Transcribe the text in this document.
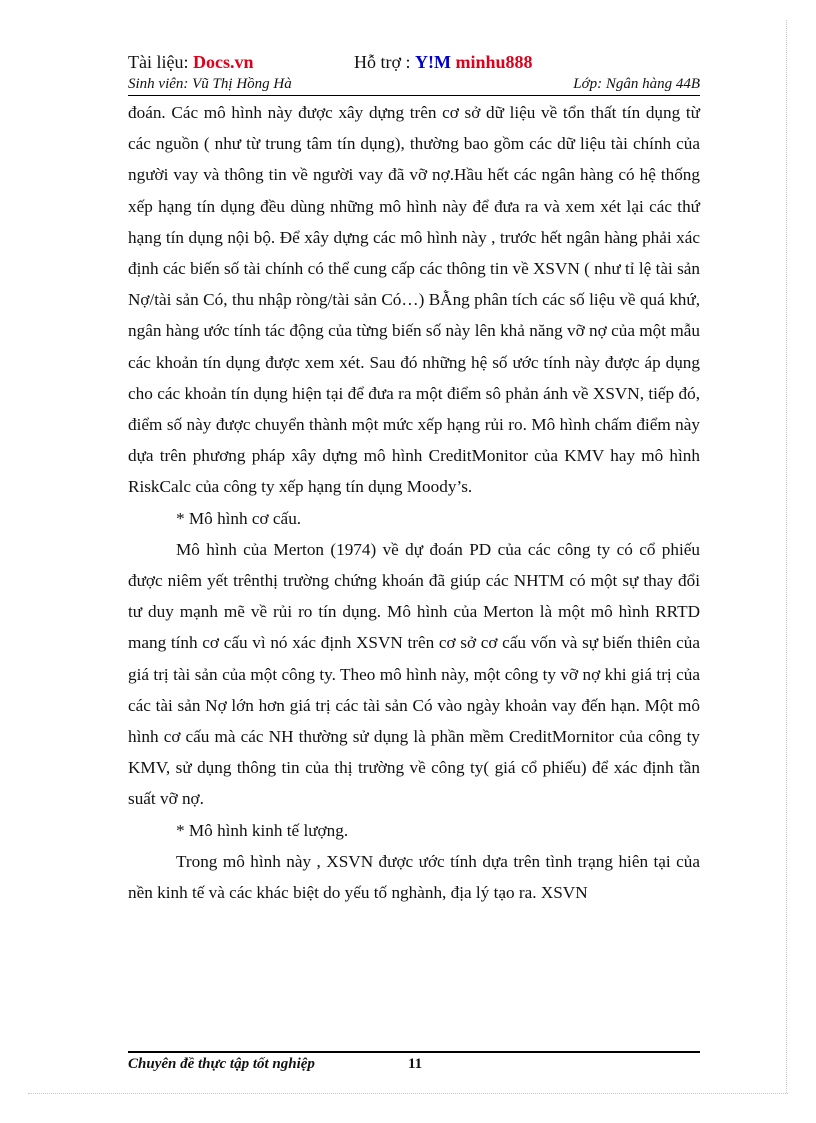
Tài liệu: Docs.vn	Hỗ trợ : Y!M minhu888
Sinh viên: Vũ Thị Hồng Hà	Lớp: Ngân hàng 44B

đoán. Các mô hình này được xây dựng trên cơ sở dữ liệu về tổn thất tín dụng từ các nguồn ( như từ trung tâm tín dụng), thường bao gồm các dữ liệu tài chính của người vay và thông tin về người vay đã vỡ nợ.Hầu hết các ngân hàng có hệ thống xếp hạng tín dụng đều dùng những mô hình này để đưa ra và xem xét lại các thứ hạng tín dụng nội bộ. Để xây dựng các mô hình này , trước hết ngân hàng phải xác định các biến số tài chính có thể cung cấp các thông tin về XSVN ( như tỉ lệ tài sản Nợ/tài sản Có, thu nhập ròng/tài sản Có…) BẰng phân tích các số liệu về quá khứ, ngân hàng ước tính tác động của từng biến số này lên khả năng vỡ nợ của một mẫu các khoản tín dụng được xem xét. Sau đó những hệ số ước tính này được áp dụng cho các khoản tín dụng hiện tại để đưa ra một điểm sô phản ánh về XSVN, tiếp đó, điểm số này được chuyển thành một mức xếp hạng rủi ro. Mô hình chấm điểm này dựa trên phương pháp xây dựng mô hình CreditMonitor của KMV hay mô hình RiskCalc của công ty xếp hạng tín dụng Moody’s.

* Mô hình cơ cấu.

Mô hình của Merton (1974) về dự đoán PD của các công ty có cổ phiếu được niêm yết trênthị trường chứng khoán đã giúp các NHTM có một sự thay đổi tư duy mạnh mẽ về rủi ro tín dụng. Mô hình của Merton là một mô hình RRTD mang tính cơ cấu vì nó xác định XSVN trên cơ sở cơ cấu vốn và sự biến thiên của giá trị tài sản của một công ty. Theo mô hình này, một công ty vỡ nợ khi giá trị của các tài sản Nợ lớn hơn giá trị các tài sản Có vào ngày khoản vay đến hạn. Một mô hình cơ cấu mà các NH thường sử dụng là phần mềm CreditMornitor của công ty KMV, sử dụng thông tin của thị trường về công ty( giá cổ phiếu) để xác định tần suất vỡ nợ.

* Mô hình kinh tế lượng.

Trong mô hình này , XSVN được ước tính dựa trên tình trạng hiên tại của nền kinh tế và các khác biệt do yếu tố nghành, địa lý tạo ra. XSVN

Chuyên đề thực tập tốt nghiệp	11
